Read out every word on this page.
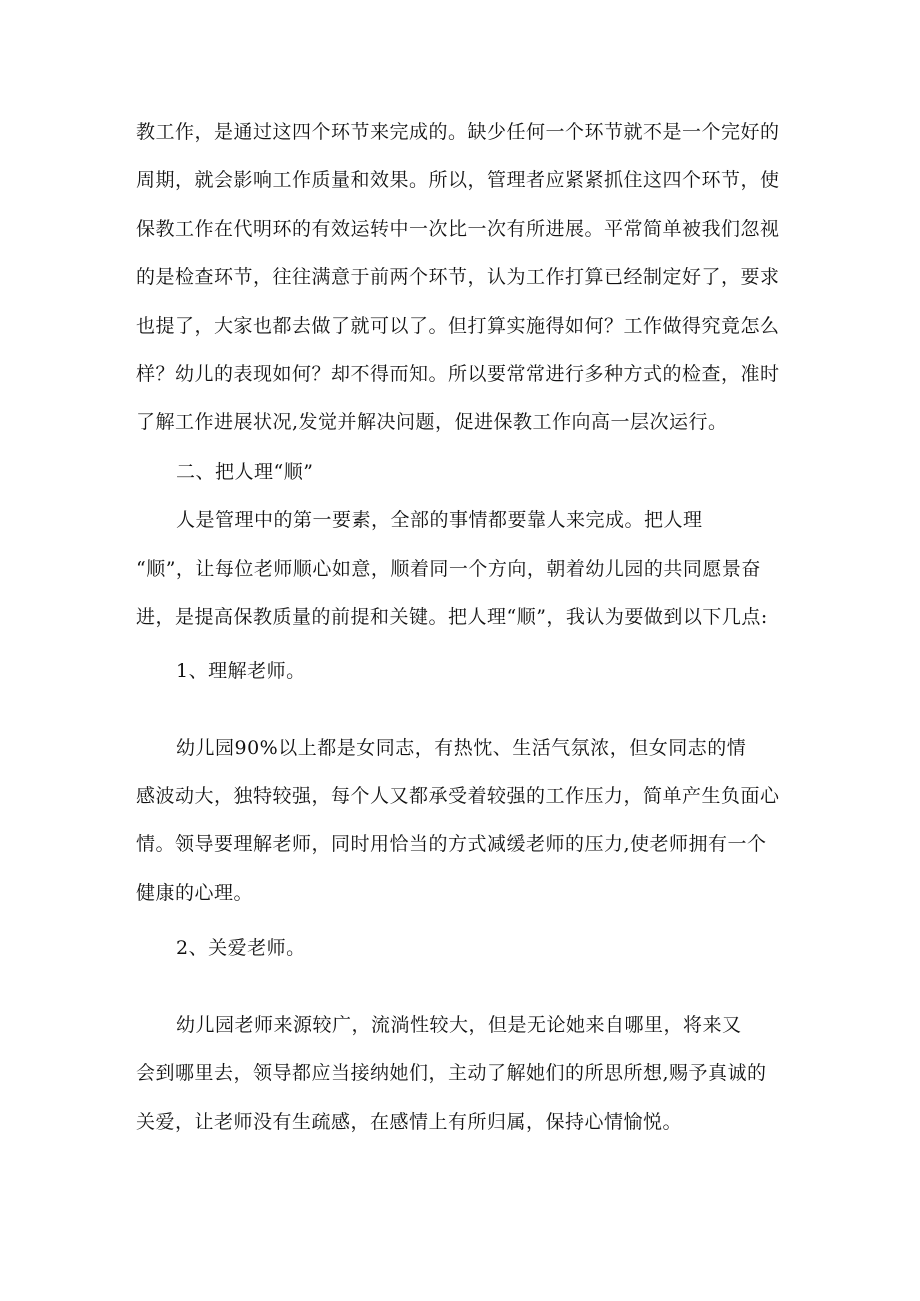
教工作，是通过这四个环节来完成的。缺少任何一个环节就不是一个完好的
周期，就会影响工作质量和效果。所以，管理者应紧紧抓住这四个环节，使
保教工作在代明环的有效运转中一次比一次有所进展。平常简单被我们忽视
的是检查环节，往往满意于前两个环节，认为工作打算已经制定好了，要求
也提了，大家也都去做了就可以了。但打算实施得如何？工作做得究竟怎么
样？幼儿的表现如何？却不得而知。所以要常常进行多种方式的检查，准时
了解工作进展状况,发觉并解决问题，促进保教工作向高一层次运行。
二、把人理“顺”
人是管理中的第一要素，全部的事情都要靠人来完成。把人理
“顺”，让每位老师顺心如意，顺着同一个方向，朝着幼儿园的共同愿景奋
进，是提高保教质量的前提和关键。把人理“顺”，我认为要做到以下几点:
1、理解老师。
幼儿园90%以上都是女同志，有热忱、生活气氛浓，但女同志的情
感波动大，独特较强，每个人又都承受着较强的工作压力，简单产生负面心
情。领导要理解老师，同时用恰当的方式减缓老师的压力,使老师拥有一个
健康的心理。
2、关爱老师。
幼儿园老师来源较广，流淌性较大，但是无论她来自哪里，将来又
会到哪里去，领导都应当接纳她们，主动了解她们的所思所想,赐予真诚的
关爱，让老师没有生疏感，在感情上有所归属，保持心情愉悦。
